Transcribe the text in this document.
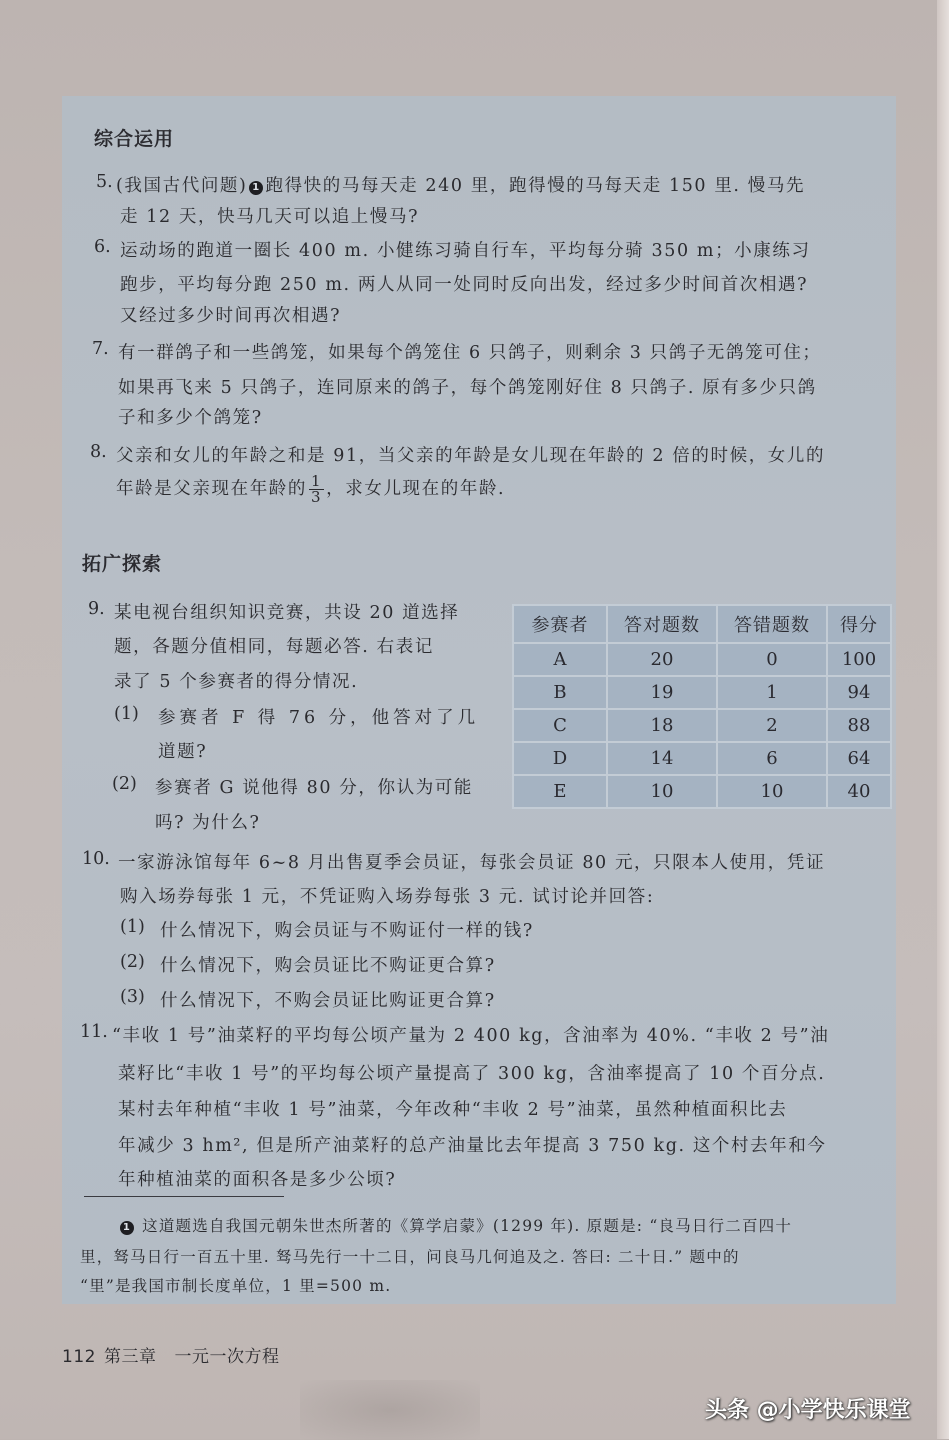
综合运用
5. (我国古代问题) 1 跑得快的马每天走 240 里，跑得慢的马每天走 150 里. 慢马先
走 12 天，快马几天可以追上慢马?
6. 运动场的跑道一圈长 400 m. 小健练习骑自行车，平均每分骑 350 m；小康练习
跑步，平均每分跑 250 m. 两人从同一处同时反向出发，经过多少时间首次相遇?
又经过多少时间再次相遇?
7. 有一群鸽子和一些鸽笼，如果每个鸽笼住 6 只鸽子，则剩余 3 只鸽子无鸽笼可住；
如果再飞来 5 只鸽子，连同原来的鸽子，每个鸽笼刚好住 8 只鸽子. 原有多少只鸽
子和多少个鸽笼?
8. 父亲和女儿的年龄之和是 91，当父亲的年龄是女儿现在年龄的 2 倍的时候，女儿的
年龄是父亲现在年龄的 $\frac{1}{3}$ ，求女儿现在的年龄.
拓广探索
9. 某电视台组织知识竞赛，共设 20 道选择
题，各题分值相同，每题必答. 右表记
录了 5 个参赛者的得分情况.
(1) 参赛者 F 得 76 分，他答对了几
道题?
(2) 参赛者 G 说他得 80 分，你认为可能
吗? 为什么?
参赛者	答对题数	答错题数	得分
A	20	0	100
B	19	1	94
C	18	2	88
D	14	6	64
E	10	10	40
10. 一家游泳馆每年 6~8 月出售夏季会员证，每张会员证 80 元，只限本人使用，凭证
购入场券每张 1 元，不凭证购入场券每张 3 元. 试讨论并回答:
(1) 什么情况下，购会员证与不购证付一样的钱?
(2) 什么情况下，购会员证比不购证更合算?
(3) 什么情况下，不购会员证比购证更合算?
11. “丰收 1 号”油菜籽的平均每公顷产量为 2 400 kg，含油率为 40%. “丰收 2 号”油
菜籽比“丰收 1 号”的平均每公顷产量提高了 300 kg，含油率提高了 10 个百分点.
某村去年种植“丰收 1 号”油菜，今年改种“丰收 2 号”油菜，虽然种植面积比去
年减少 3 hm², 但是所产油菜籽的总产油量比去年提高 3 750 kg. 这个村去年和今
年种植油菜的面积各是多少公顷?
1 这道题选自我国元朝朱世杰所著的《算学启蒙》(1299 年). 原题是: “良马日行二百四十
里，驽马日行一百五十里. 驽马先行一十二日，问良马几何追及之. 答曰: 二十日.” 题中的
“里”是我国市制长度单位，1 里=500 m.
112 第三章 一元一次方程
头条 @小学快乐课堂
